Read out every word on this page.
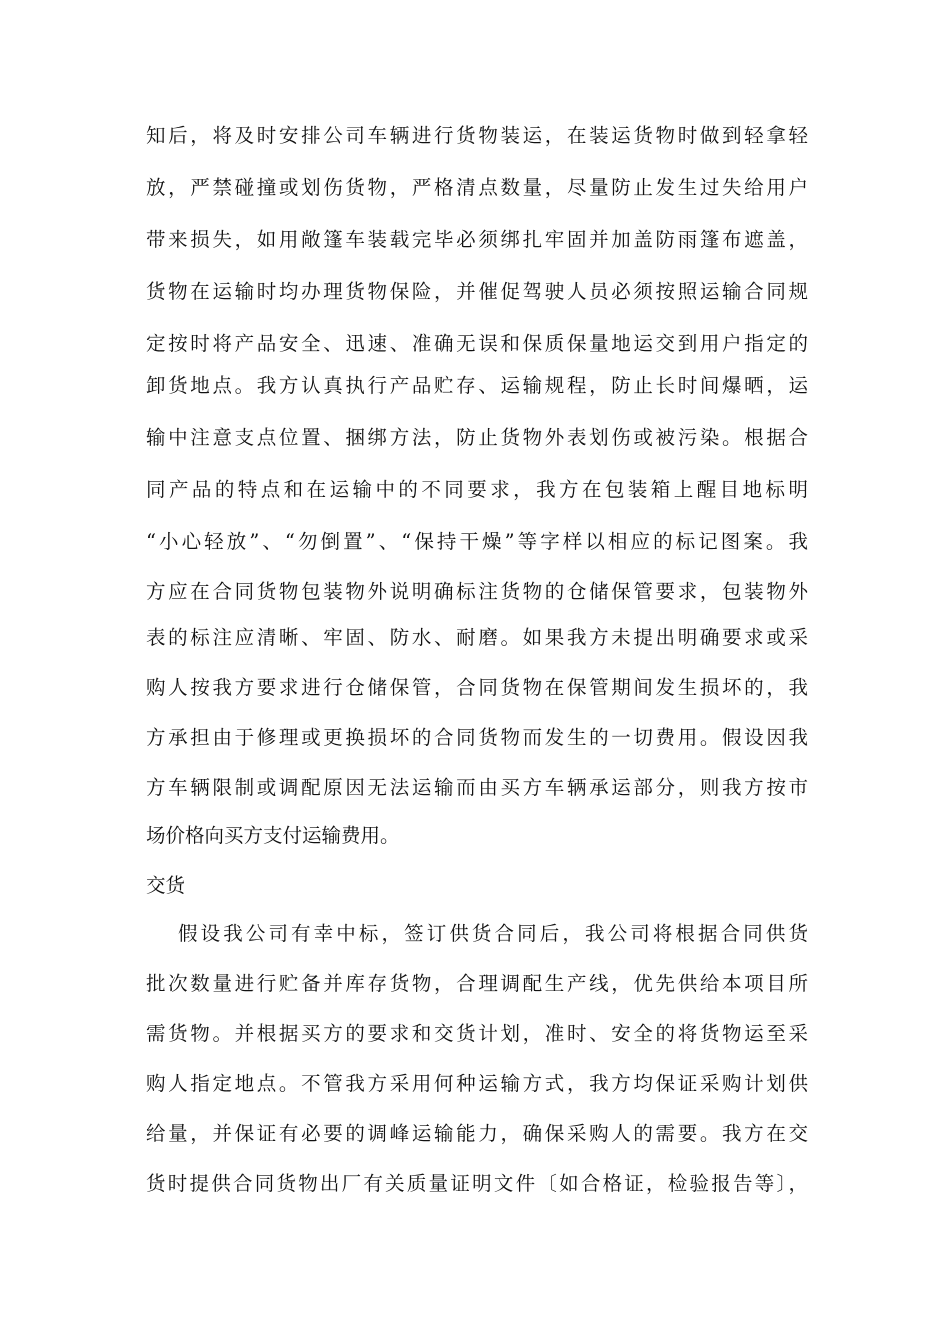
知后，将及时安排公司车辆进行货物装运，在装运货物时做到轻拿轻
放，严禁碰撞或划伤货物，严格清点数量，尽量防止发生过失给用户
带来损失，如用敞篷车装载完毕必须绑扎牢固并加盖防雨篷布遮盖，
货物在运输时均办理货物保险，并催促驾驶人员必须按照运输合同规
定按时将产品安全、迅速、准确无误和保质保量地运交到用户指定的
卸货地点。我方认真执行产品贮存、运输规程，防止长时间爆晒，运
输中注意支点位置、捆绑方法，防止货物外表划伤或被污染。根据合
同产品的特点和在运输中的不同要求，我方在包装箱上醒目地标明
“小心轻放”、“勿倒置”、“保持干燥”等字样以相应的标记图案。我
方应在合同货物包装物外说明确标注货物的仓储保管要求，包装物外
表的标注应清晰、牢固、防水、耐磨。如果我方未提出明确要求或采
购人按我方要求进行仓储保管，合同货物在保管期间发生损坏的，我
方承担由于修理或更换损坏的合同货物而发生的一切费用。假设因我
方车辆限制或调配原因无法运输而由买方车辆承运部分，则我方按市
场价格向买方支付运输费用。
交货
假设我公司有幸中标，签订供货合同后，我公司将根据合同供货
批次数量进行贮备并库存货物，合理调配生产线，优先供给本项目所
需货物。并根据买方的要求和交货计划，准时、安全的将货物运至采
购人指定地点。不管我方采用何种运输方式，我方均保证采购计划供
给量，并保证有必要的调峰运输能力，确保采购人的需要。我方在交
货时提供合同货物出厂有关质量证明文件〔如合格证，检验报告等〕，
